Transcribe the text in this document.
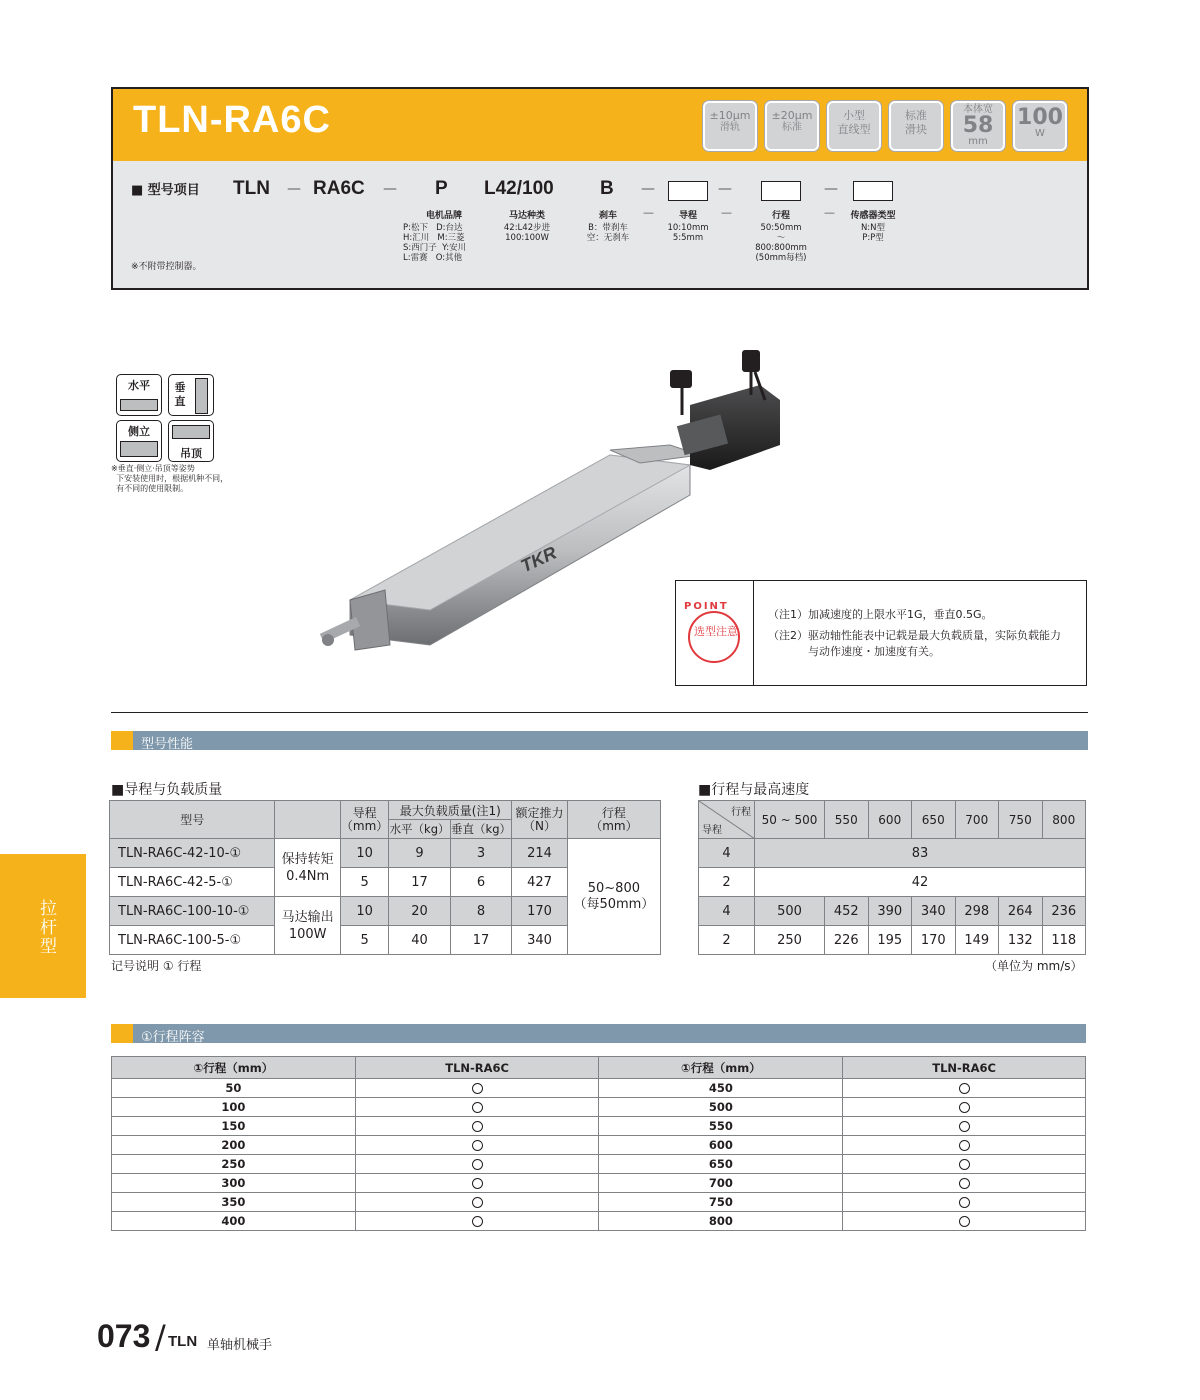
TLN-RA6C	±10μm
滑轨
±20μm
标准
小型
直线型
标准
滑块
本体宽
58
mm
100
W
■ 型号项目 TLN — RA6C — P L42/100 B —	—	—
电机品牌
P:松下   D:台达
H:汇川   M:三菱
S:西门子  Y:安川
L:雷赛   O:其他
马达种类
42:L42步进
100:100W
刹车
B：带刹车
空：无刹车
—	导程
10:10mm
5:5mm
—	行程
50:50mm
～
800:800mm
(50mm每档)
—	传感器类型
N:N型
P:P型
※不附带控制器。
水平	垂直
侧立
吊顶
※垂直·侧立·吊顶等姿势
下安装使用时，根据机种不同，
有不同的使用限制。
TKR
POINT
选型注意
（注1）加减速度的上限水平1G，垂直0.5G。
（注2）驱动轴性能表中记载是最大负载质量，实际负载能力
与动作速度・加速度有关。
型号性能
■导程与负载质量	■行程与最高速度
型号		导程
（mm）	最大负载质量(注1)		额定推力
（N）	行程
（mm）
			水平（kg）	垂直（kg）		
TLN-RA6C-42-10-①	保持转矩
0.4Nm	10	9	3	214	50~800
（每50mm）
TLN-RA6C-42-5-①		5	17	6	427	
TLN-RA6C-100-10-①	马达输出
100W	10	20	8	170	
TLN-RA6C-100-5-①		5	40	17	340	
记号说明 ① 行程
行程
导程	50 ~ 500	550	600	650	700	750	800
4	83						
2	42						
4	500	452	390	340	298	264	236
2	250	226	195	170	149	132	118
（单位为 mm/s）
拉杆型
①行程阵容
①行程（mm）	TLN-RA6C	①行程（mm）	TLN-RA6C
50		450	
100		500	
150		550	
200		600	
250		650	
300		700	
350		750	
400		800	
073 / TLN 单轴机械手
